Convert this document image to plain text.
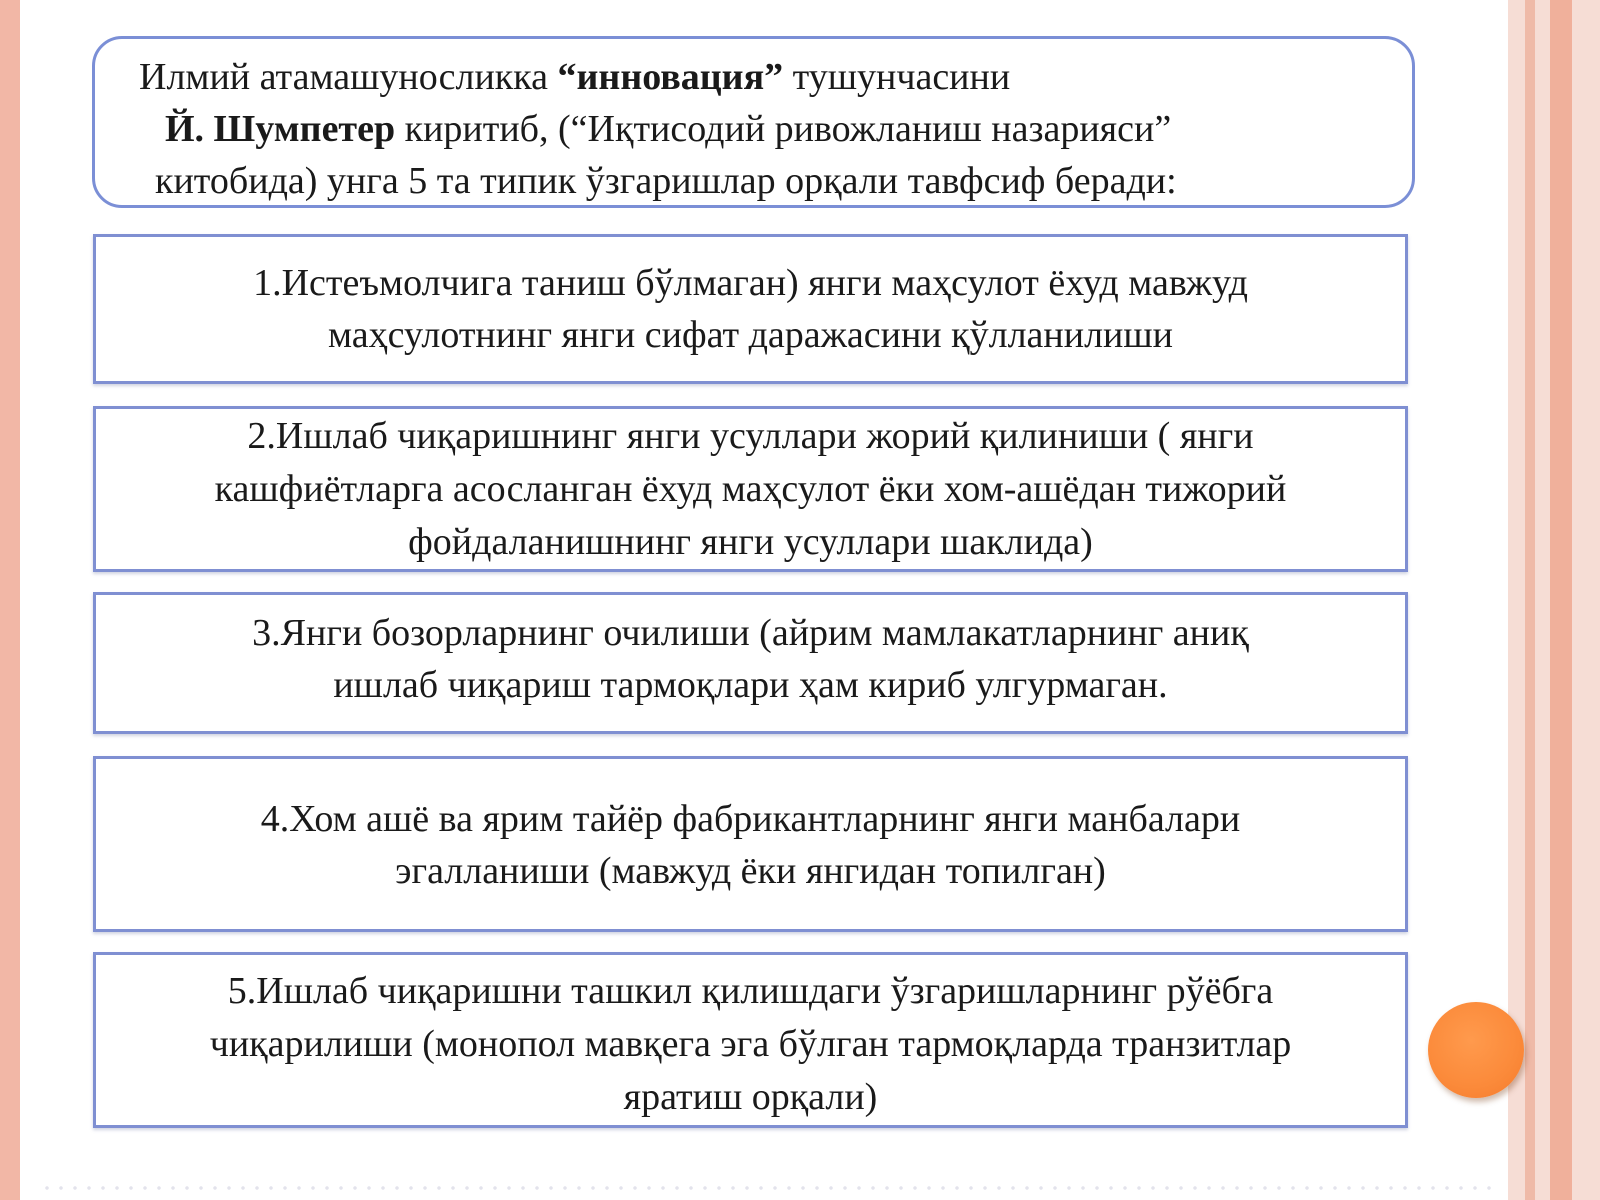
Илмий атамашуносликка “инновация” тушунчасини
Й. Шумпетер киритиб, (“Иқтисодий ривожланиш назарияси”
китобида) унга 5 та типик ўзгаришлар орқали тавфсиф беради:
1.Истеъмолчига таниш бўлмаган) янги маҳсулот ёхуд мавжуд
маҳсулотнинг янги сифат даражасини қўлланилиши
2.Ишлаб чиқаришнинг янги усуллари жорий қилиниши ( янги
кашфиётларга асосланган ёхуд маҳсулот ёки хом-ашёдан тижорий
фойдаланишнинг янги усуллари шаклида)
3.Янги бозорларнинг очилиши (айрим мамлакатларнинг аниқ
ишлаб чиқариш тармоқлари ҳам кириб улгурмаган.
4.Хом ашё ва ярим тайёр фабрикантларнинг янги манбалари
эгалланиши (мавжуд ёки янгидан топилган)
5.Ишлаб чиқаришни ташкил қилишдаги ўзгаришларнинг рўёбга
чиқарилиши (монопол мавқега эга бўлган тармоқларда транзитлар
яратиш орқали)
